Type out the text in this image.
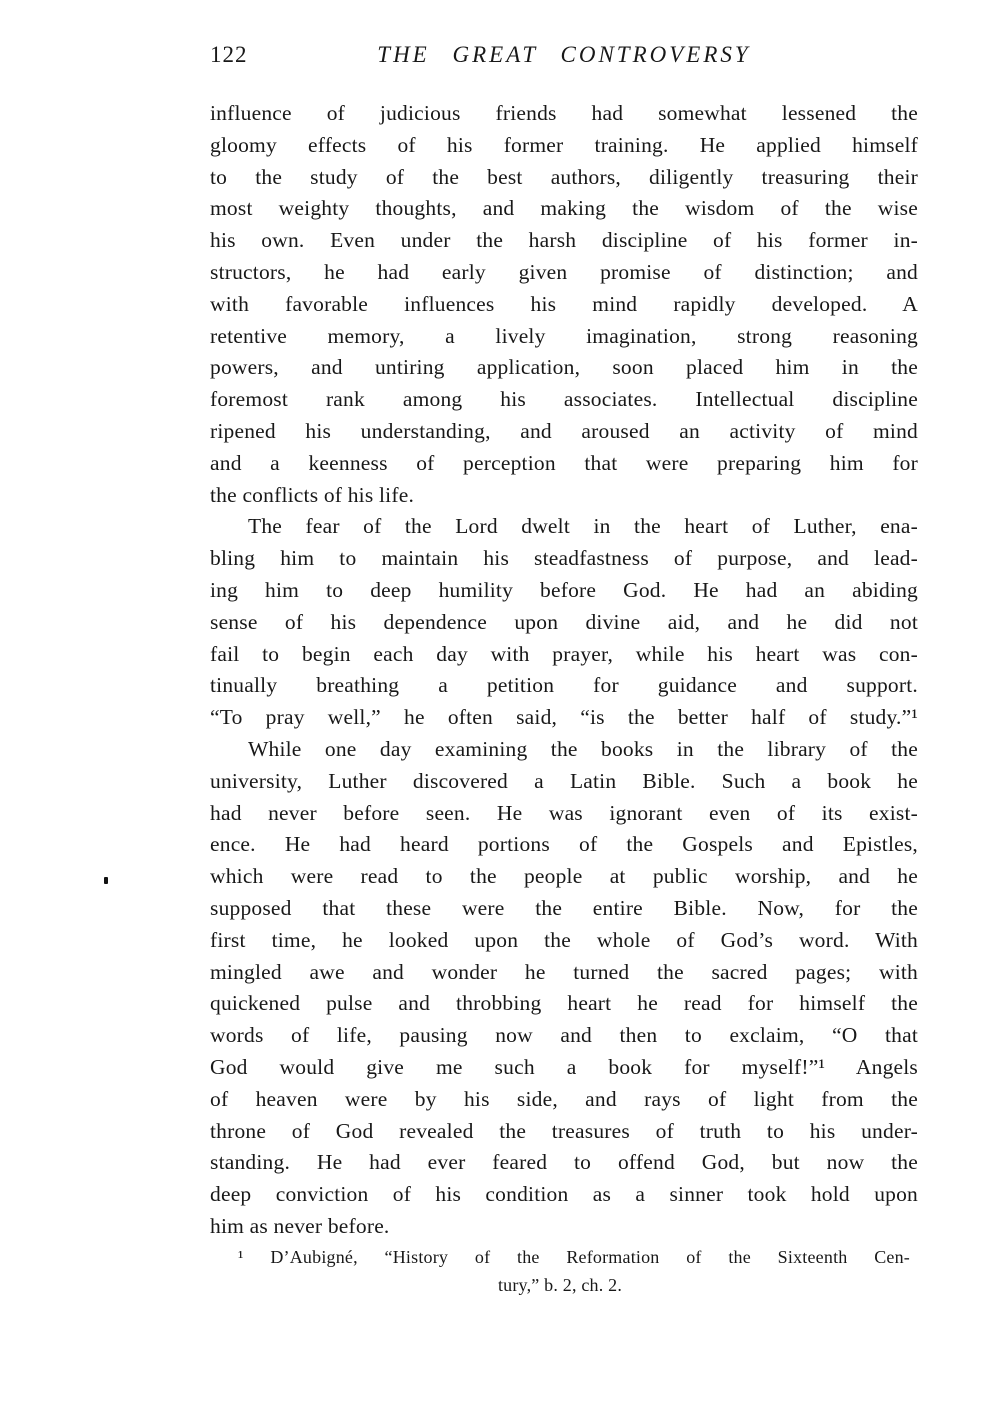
122	THE GREAT CONTROVERSY
influence of judicious friends had somewhat lessened the
gloomy effects of his former training. He applied himself
to the study of the best authors, diligently treasuring their
most weighty thoughts, and making the wisdom of the wise
his own. Even under the harsh discipline of his former in-
structors, he had early given promise of distinction; and
with favorable influences his mind rapidly developed. A
retentive memory, a lively imagination, strong reasoning
powers, and untiring application, soon placed him in the
foremost rank among his associates. Intellectual discipline
ripened his understanding, and aroused an activity of mind
and a keenness of perception that were preparing him for
the conflicts of his life.
The fear of the Lord dwelt in the heart of Luther, ena-
bling him to maintain his steadfastness of purpose, and lead-
ing him to deep humility before God. He had an abiding
sense of his dependence upon divine aid, and he did not
fail to begin each day with prayer, while his heart was con-
tinually breathing a petition for guidance and support.
“To pray well,” he often said, “is the better half of study.”¹
While one day examining the books in the library of the
university, Luther discovered a Latin Bible. Such a book he
had never before seen. He was ignorant even of its exist-
ence. He had heard portions of the Gospels and Epistles,
which were read to the people at public worship, and he
supposed that these were the entire Bible. Now, for the
first time, he looked upon the whole of God’s word. With
mingled awe and wonder he turned the sacred pages; with
quickened pulse and throbbing heart he read for himself the
words of life, pausing now and then to exclaim, “O that
God would give me such a book for myself!”¹ Angels
of heaven were by his side, and rays of light from the
throne of God revealed the treasures of truth to his under-
standing. He had ever feared to offend God, but now the
deep conviction of his condition as a sinner took hold upon
him as never before.
¹ D’Aubigné, “History of the Reformation of the Sixteenth Cen-
tury,” b. 2, ch. 2.
